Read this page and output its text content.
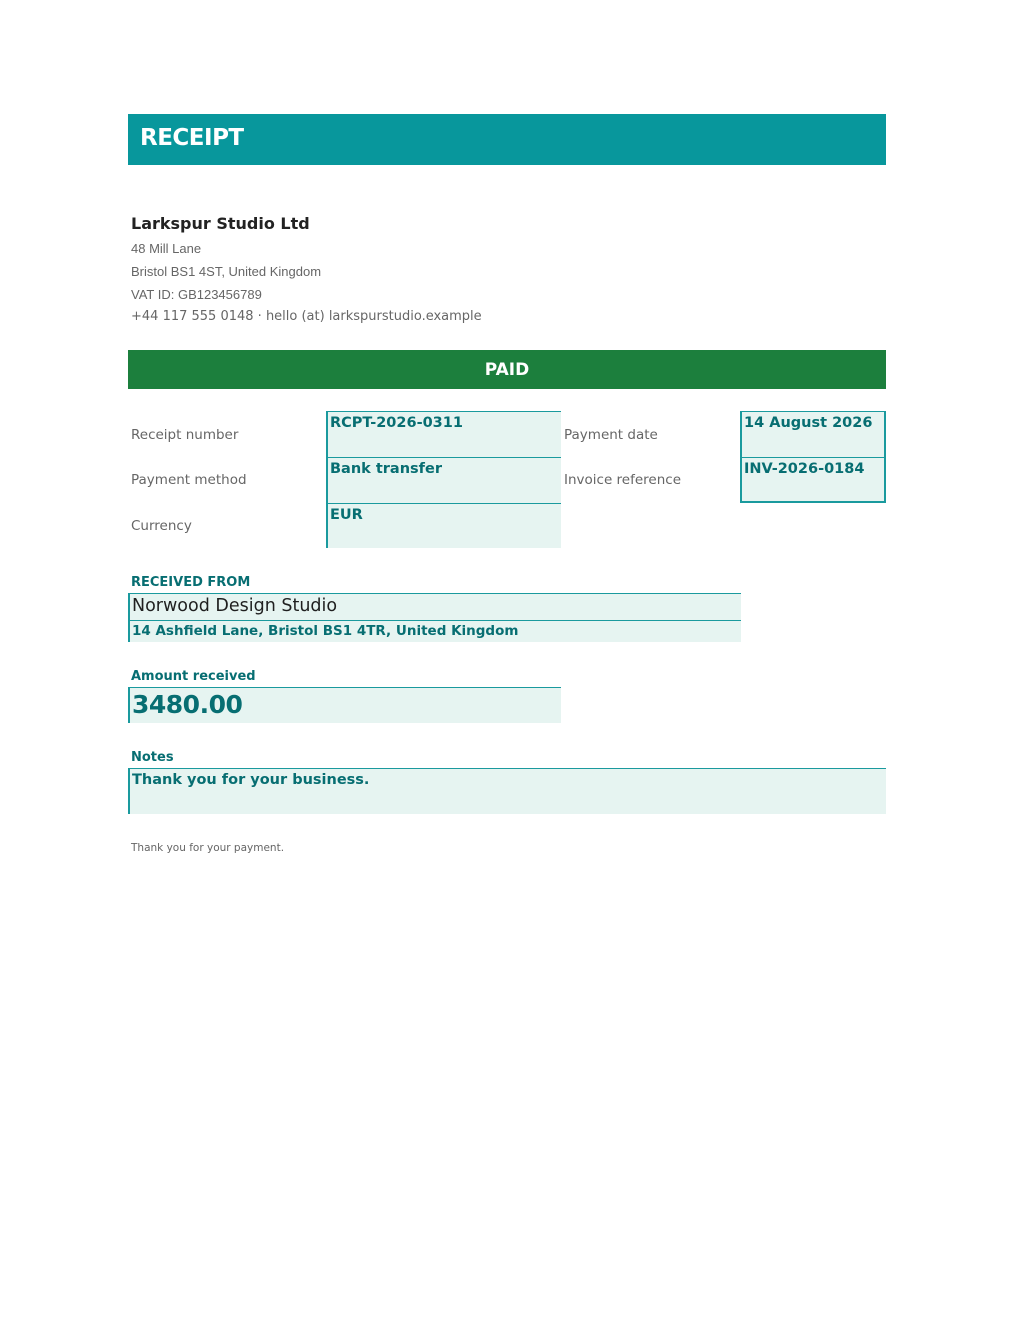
RECEIPT
Larkspur Studio Ltd
48 Mill Lane
Bristol BS1 4ST, United Kingdom
VAT ID: GB123456789
+44 117 555 0148 · hello (at) larkspurstudio.example
PAID
Receipt number
Payment method
Currency
RCPT-2026-0311
Bank transfer
EUR
Payment date
Invoice reference
14 August 2026
INV-2026-0184
RECEIVED FROM
Norwood Design Studio
14 Ashfield Lane, Bristol BS1 4TR, United Kingdom
Amount received
3480.00
Notes
Thank you for your business.
Thank you for your payment.
